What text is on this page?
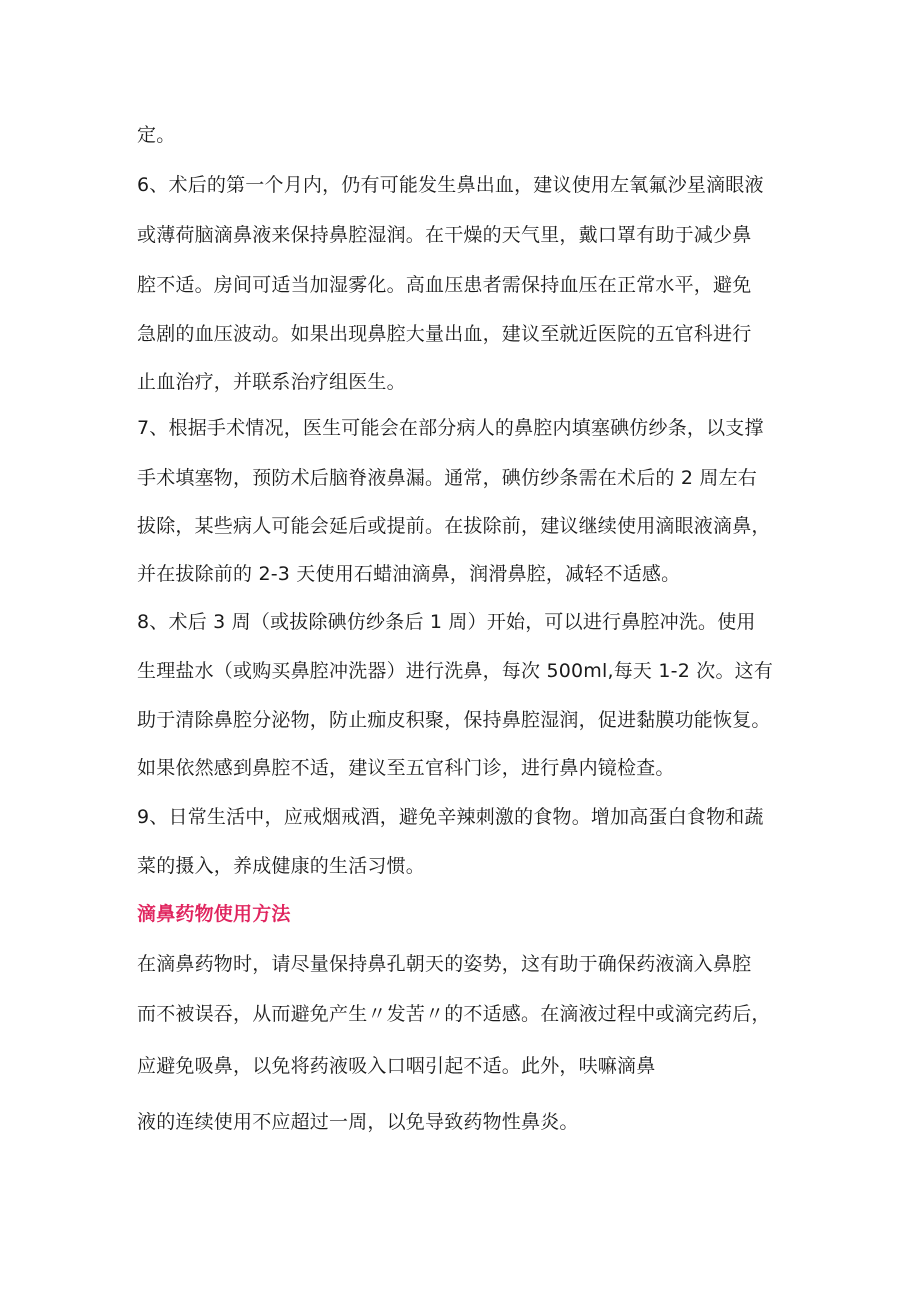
定。
6、术后的第一个月内，仍有可能发生鼻出血，建议使用左氧氟沙星滴眼液
或薄荷脑滴鼻液来保持鼻腔湿润。在干燥的天气里，戴口罩有助于减少鼻
腔不适。房间可适当加湿雾化。高血压患者需保持血压在正常水平，避免
急剧的血压波动。如果出现鼻腔大量出血，建议至就近医院的五官科进行
止血治疗，并联系治疗组医生。
7、根据手术情况，医生可能会在部分病人的鼻腔内填塞碘仿纱条，以支撑
手术填塞物，预防术后脑脊液鼻漏。通常，碘仿纱条需在术后的 2 周左右
拔除，某些病人可能会延后或提前。在拔除前，建议继续使用滴眼液滴鼻，
并在拔除前的 2-3 天使用石蜡油滴鼻，润滑鼻腔，减轻不适感。
8、术后 3 周（或拔除碘仿纱条后 1 周）开始，可以进行鼻腔冲洗。使用
生理盐水（或购买鼻腔冲洗器）进行洗鼻，每次 500ml,每天 1-2 次。这有
助于清除鼻腔分泌物，防止痂皮积聚，保持鼻腔湿润，促进黏膜功能恢复。
如果依然感到鼻腔不适，建议至五官科门诊，进行鼻内镜检查。
9、日常生活中，应戒烟戒酒，避免辛辣刺激的食物。增加高蛋白食物和蔬
菜的摄入，养成健康的生活习惯。
滴鼻药物使用方法
在滴鼻药物时，请尽量保持鼻孔朝天的姿势，这有助于确保药液滴入鼻腔
而不被误吞，从而避免产生〃发苦〃的不适感。在滴液过程中或滴完药后，
应避免吸鼻，以免将药液吸入口咽引起不适。此外，呋嘛滴鼻
液的连续使用不应超过一周，以免导致药物性鼻炎。
